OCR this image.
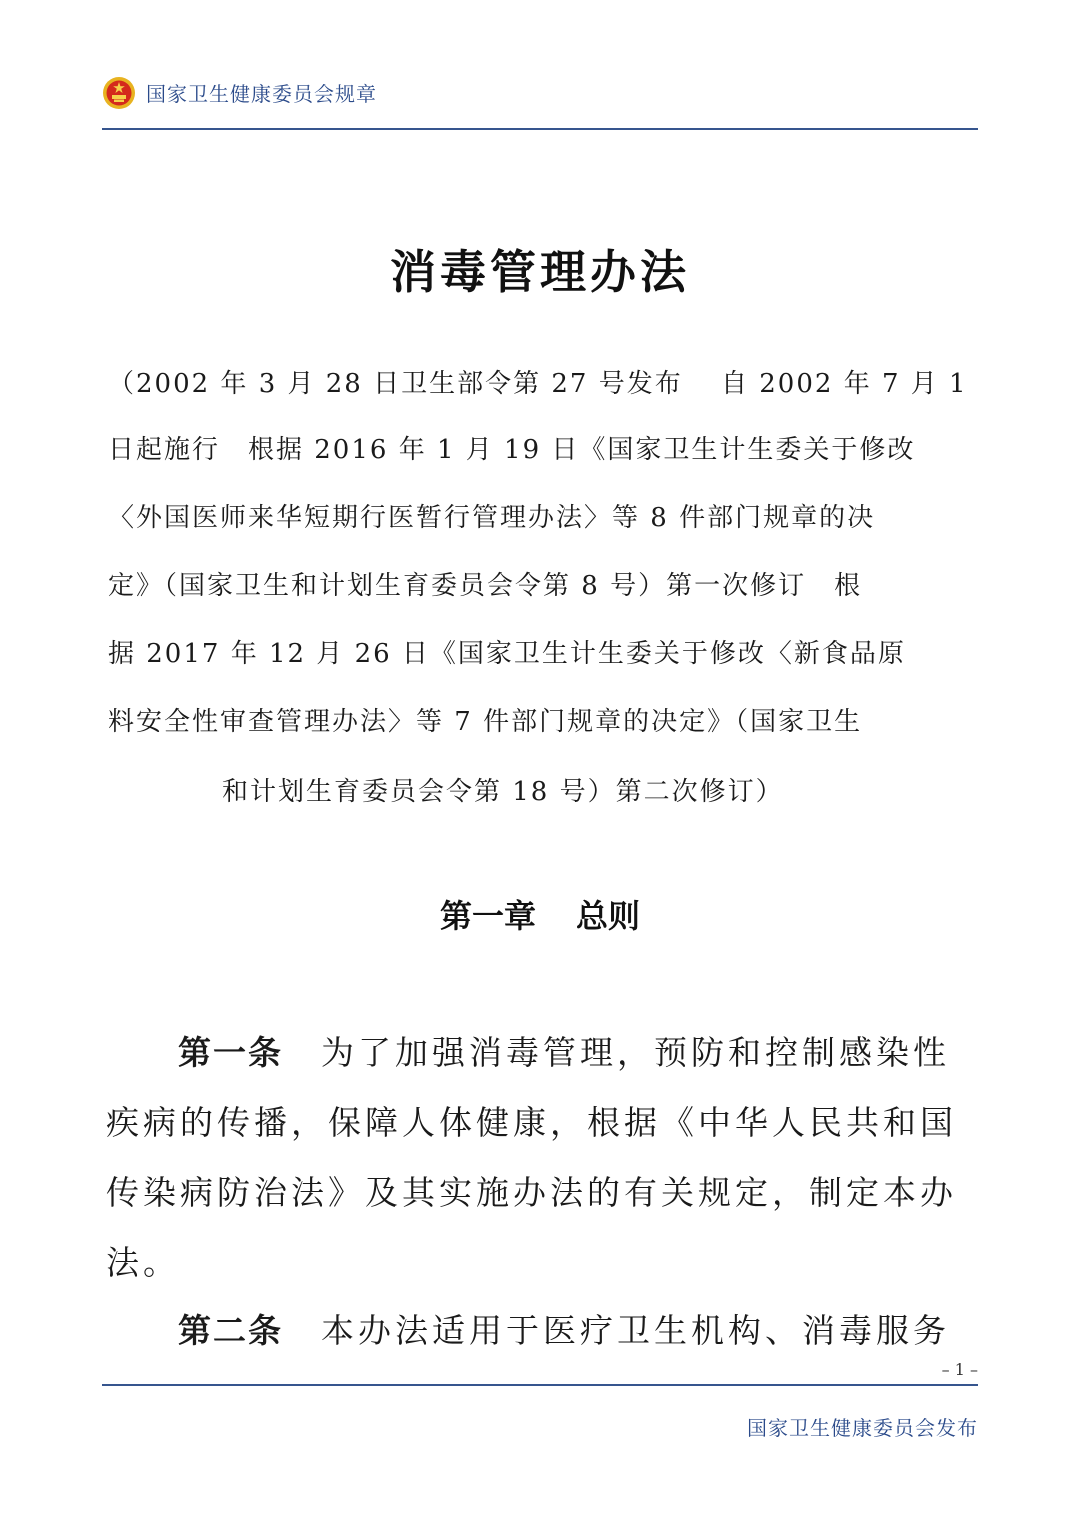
国家卫生健康委员会规章
消毒管理办法
（2002 年 3 月 28 日卫生部令第 27 号发布　 自 2002 年 7 月 1
日起施行　根据 2016 年 1 月 19 日《国家卫生计生委关于修改
〈外国医师来华短期行医暂行管理办法〉等 8 件部门规章的决
定》（国家卫生和计划生育委员会令第 8 号）第一次修订　根
据 2017 年 12 月 26 日《国家卫生计生委关于修改〈新食品原
料安全性审查管理办法〉等 7 件部门规章的决定》（国家卫生
和计划生育委员会令第 18 号）第二次修订）
第一章 总则
第一条 为了加强消毒管理，预防和控制感染性
疾病的传播，保障人体健康，根据《中华人民共和国
传染病防治法》及其实施办法的有关规定，制定本办
法。
第二条 本办法适用于医疗卫生机构、消毒服务
– 1 –
国家卫生健康委员会发布
